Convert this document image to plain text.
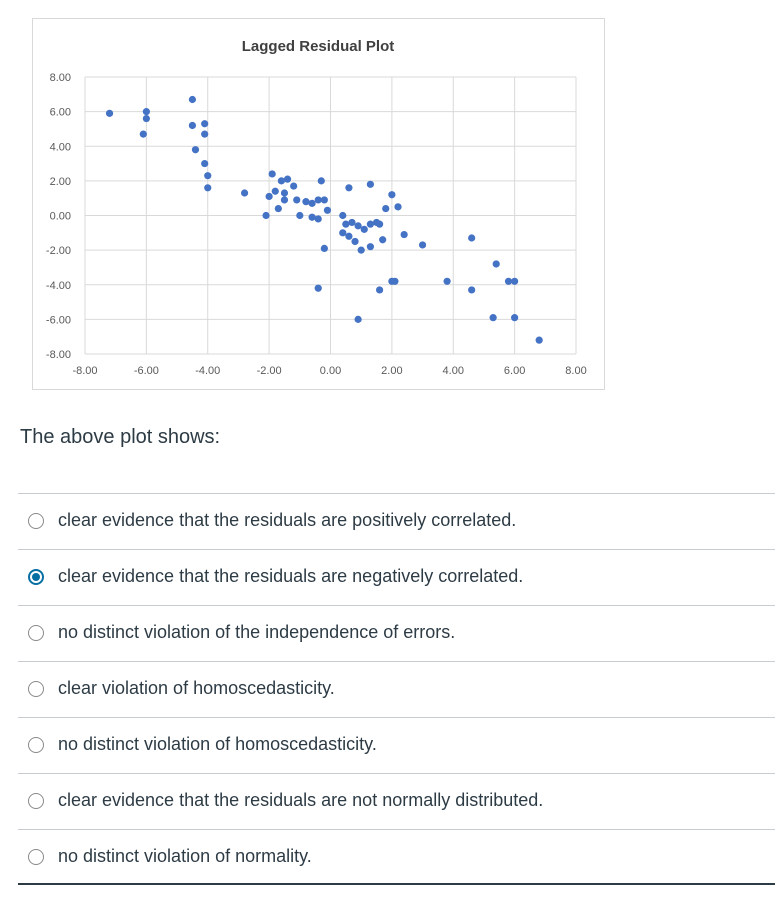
Lagged Residual Plot
-8.00	-6.00	-4.00	-2.00	0.00	2.00	4.00	6.00	8.00
8.00
6.00
4.00
2.00
0.00
-2.00
-4.00
-6.00
-8.00
The above plot shows:
clear evidence that the residuals are positively correlated.
clear evidence that the residuals are negatively correlated.
no distinct violation of the independence of errors.
clear violation of homoscedasticity.
no distinct violation of homoscedasticity.
clear evidence that the residuals are not normally distributed.
no distinct violation of normality.
